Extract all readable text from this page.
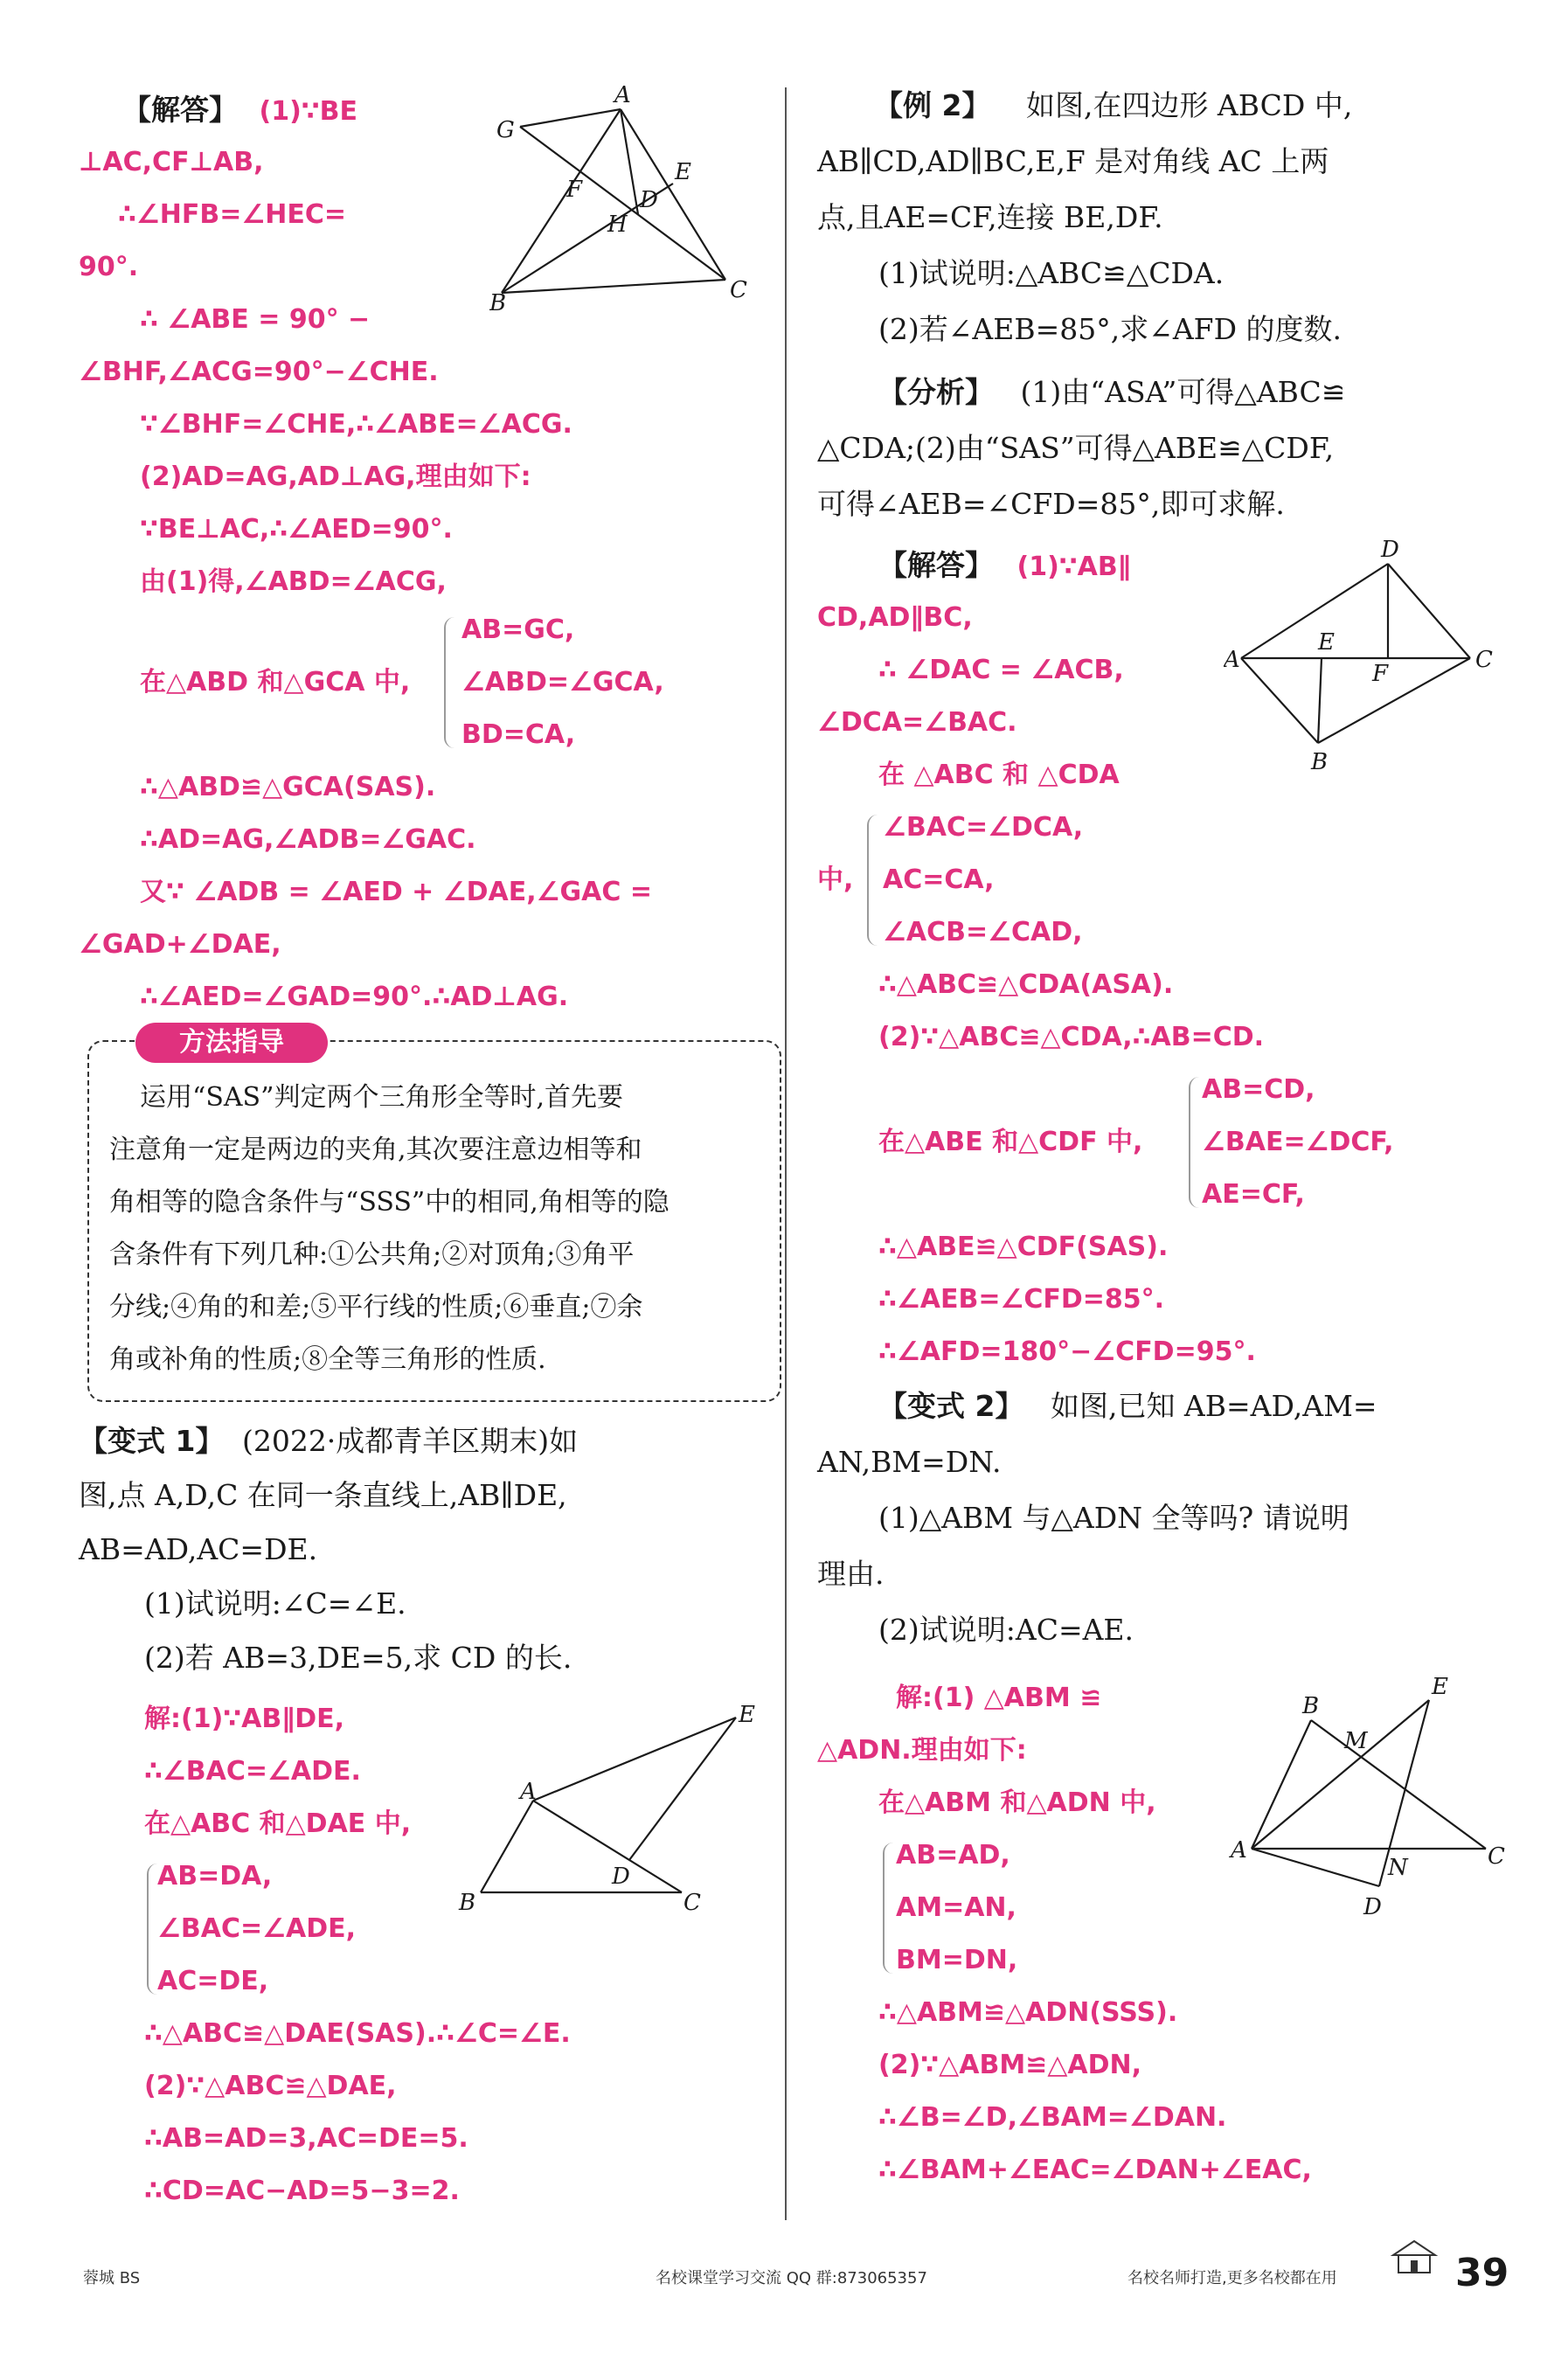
【解答】 (1)∵BE
⊥AC,CF⊥AB,
∴∠HFB=∠HEC=
90°.
∴ ∠ABE = 90° −
∠BHF,∠ACG=90°−∠CHE.
∵∠BHF=∠CHE,∴∠ABE=∠ACG.
(2)AD=AG,AD⊥AG,理由如下:
∵BE⊥AC,∴∠AED=90°.
由(1)得,∠ABD=∠ACG,
在△ABD 和△GCA 中,
AB=GC,
∠ABD=∠GCA,
BD=CA,
∴△ABD≌△GCA(SAS).
∴AD=AG,∠ADB=∠GAC.
又∵ ∠ADB = ∠AED + ∠DAE,∠GAC =
∠GAD+∠DAE,
∴∠AED=∠GAD=90°.∴AD⊥AG.
A
G
E
F	D
H
B	C
方法指导
运用“SAS”判定两个三角形全等时,首先要
注意角一定是两边的夹角,其次要注意边相等和
角相等的隐含条件与“SSS”中的相同,角相等的隐
含条件有下列几种:①公共角;②对顶角;③角平
分线;④角的和差;⑤平行线的性质;⑥垂直;⑦余
角或补角的性质;⑧全等三角形的性质.
【变式 1】 (2022·成都青羊区期末)如
图,点 A,D,C 在同一条直线上,AB∥DE,
AB=AD,AC=DE.
(1)试说明:∠C=∠E.
(2)若 AB=3,DE=5,求 CD 的长.
解:(1)∵AB∥DE,
∴∠BAC=∠ADE.
在△ABC 和△DAE 中,
AB=DA,
∠BAC=∠ADE,
AC=DE,
∴△ABC≌△DAE(SAS).∴∠C=∠E.
(2)∵△ABC≌△DAE,
∴AB=AD=3,AC=DE=5.
∴CD=AC−AD=5−3=2.
E
A
D
B	C
【例 2】 如图,在四边形 ABCD 中,
AB∥CD,AD∥BC,E,F 是对角线 AC 上两
点,且AE=CF,连接 BE,DF.
(1)试说明:△ABC≌△CDA.
(2)若∠AEB=85°,求∠AFD 的度数.
【分析】 (1)由“ASA”可得△ABC≌
△CDA;(2)由“SAS”可得△ABE≌△CDF,
可得∠AEB=∠CFD=85°,即可求解.
【解答】 (1)∵AB∥
CD,AD∥BC,
∴ ∠DAC = ∠ACB,
∠DCA=∠BAC.
在 △ABC 和 △CDA
中,
∠BAC=∠DCA,
AC=CA,
∠ACB=∠CAD,
∴△ABC≌△CDA(ASA).
(2)∵△ABC≌△CDA,∴AB=CD.
在△ABE 和△CDF 中,
AB=CD,
∠BAE=∠DCF,
AE=CF,
∴△ABE≌△CDF(SAS).
∴∠AEB=∠CFD=85°.
∴∠AFD=180°−∠CFD=95°.
D
A
E
F
C
B
【变式 2】 如图,已知 AB=AD,AM=
AN,BM=DN.
(1)△ABM 与△ADN 全等吗? 请说明
理由.
(2)试说明:AC=AE.
解:(1) △ABM ≌
△ADN.理由如下:
在△ABM 和△ADN 中,
AB=AD,
AM=AN,
BM=DN,
∴△ABM≌△ADN(SSS).
(2)∵△ABM≌△ADN,
∴∠B=∠D,∠BAM=∠DAN.
∴∠BAM+∠EAC=∠DAN+∠EAC,
E
B
M
A
N	C
D
蓉城 BS	名校课堂学习交流 QQ 群:873065357	名校名师打造,更多名校都在用	39
